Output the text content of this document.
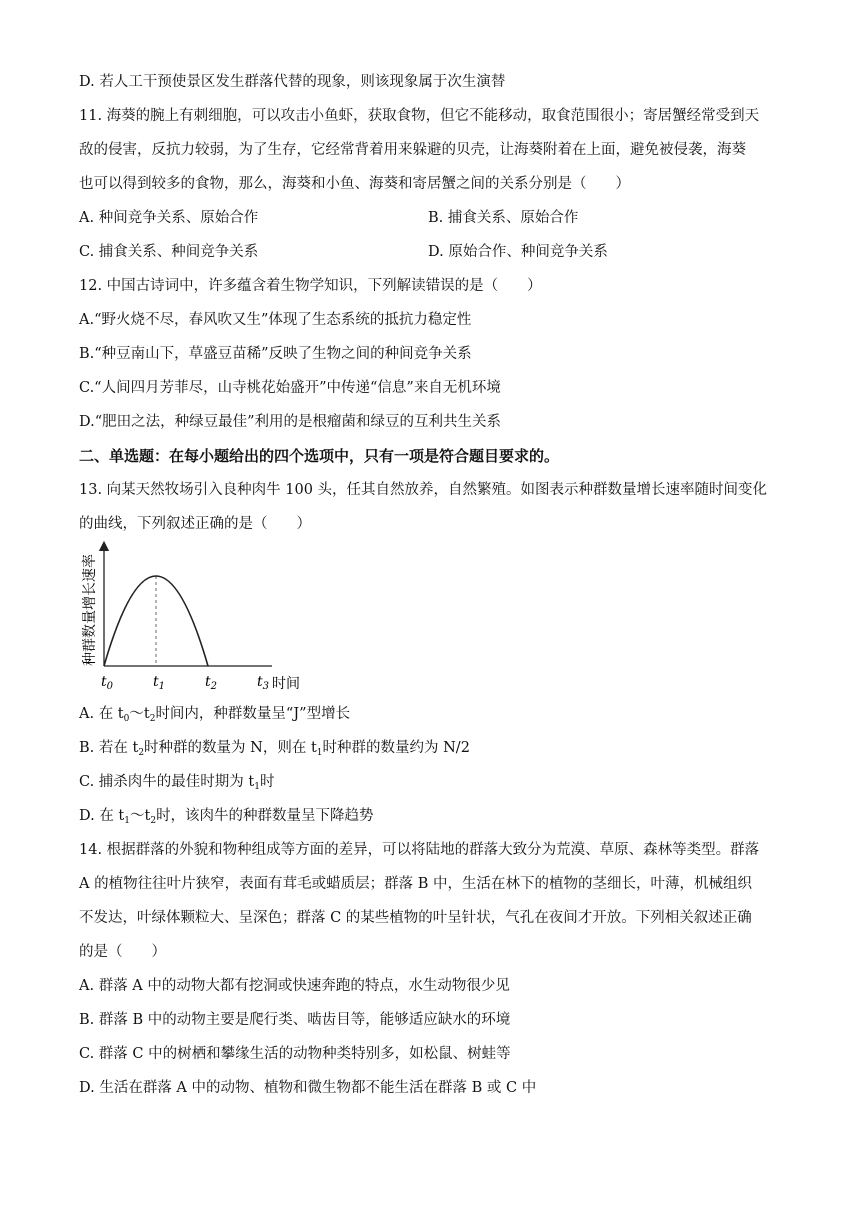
D. 若人工干预使景区发生群落代替的现象，则该现象属于次生演替
11. 海葵的腕上有刺细胞，可以攻击小鱼虾，获取食物，但它不能移动，取食范围很小；寄居蟹经常受到天
敌的侵害，反抗力较弱，为了生存，它经常背着用来躲避的贝壳，让海葵附着在上面，避免被侵袭，海葵
也可以得到较多的食物，那么，海葵和小鱼、海葵和寄居蟹之间的关系分别是（　　）
A. 种间竞争关系、原始合作	B. 捕食关系、原始合作
C. 捕食关系、种间竞争关系	D. 原始合作、种间竞争关系
12. 中国古诗词中，许多蕴含着生物学知识，下列解读错误的是（　　）
A.“野火烧不尽，春风吹又生”体现了生态系统的抵抗力稳定性
B.“种豆南山下，草盛豆苗稀”反映了生物之间的种间竞争关系
C.“人间四月芳菲尽，山寺桃花始盛开”中传递“信息”来自无机环境
D.“肥田之法，种绿豆最佳”利用的是根瘤菌和绿豆的互利共生关系
二、单选题：在每小题给出的四个选项中，只有一项是符合题目要求的。
13. 向某天然牧场引入良种肉牛 100 头，任其自然放养，自然繁殖。如图表示种群数量增长速率随时间变化
的曲线，下列叙述正确的是（　　）
种群数量增长速率
$t_0$	$t_1$	$t_2$	$t_3$ 时间
A. 在 $t_0\sim t_2$时间内，种群数量呈“J”型增长
B. 若在 $t_2$时种群的数量为 N，则在 $t_1$时种群的数量约为 N/2
C. 捕杀肉牛的最佳时期为 $t_1$时
D. 在 $t_1\sim t_2$时，该肉牛的种群数量呈下降趋势
14. 根据群落的外貌和物种组成等方面的差异，可以将陆地的群落大致分为荒漠、草原、森林等类型。群落
A 的植物往往叶片狭窄，表面有茸毛或蜡质层；群落 B 中，生活在林下的植物的茎细长，叶薄，机械组织
不发达，叶绿体颗粒大、呈深色；群落 C 的某些植物的叶呈针状，气孔在夜间才开放。下列相关叙述正确
的是（　　）
A. 群落 A 中的动物大都有挖洞或快速奔跑的特点，水生动物很少见
B. 群落 B 中的动物主要是爬行类、啮齿目等，能够适应缺水的环境
C. 群落 C 中的树栖和攀缘生活的动物种类特别多，如松鼠、树蛙等
D. 生活在群落 A 中的动物、植物和微生物都不能生活在群落 B 或 C 中
